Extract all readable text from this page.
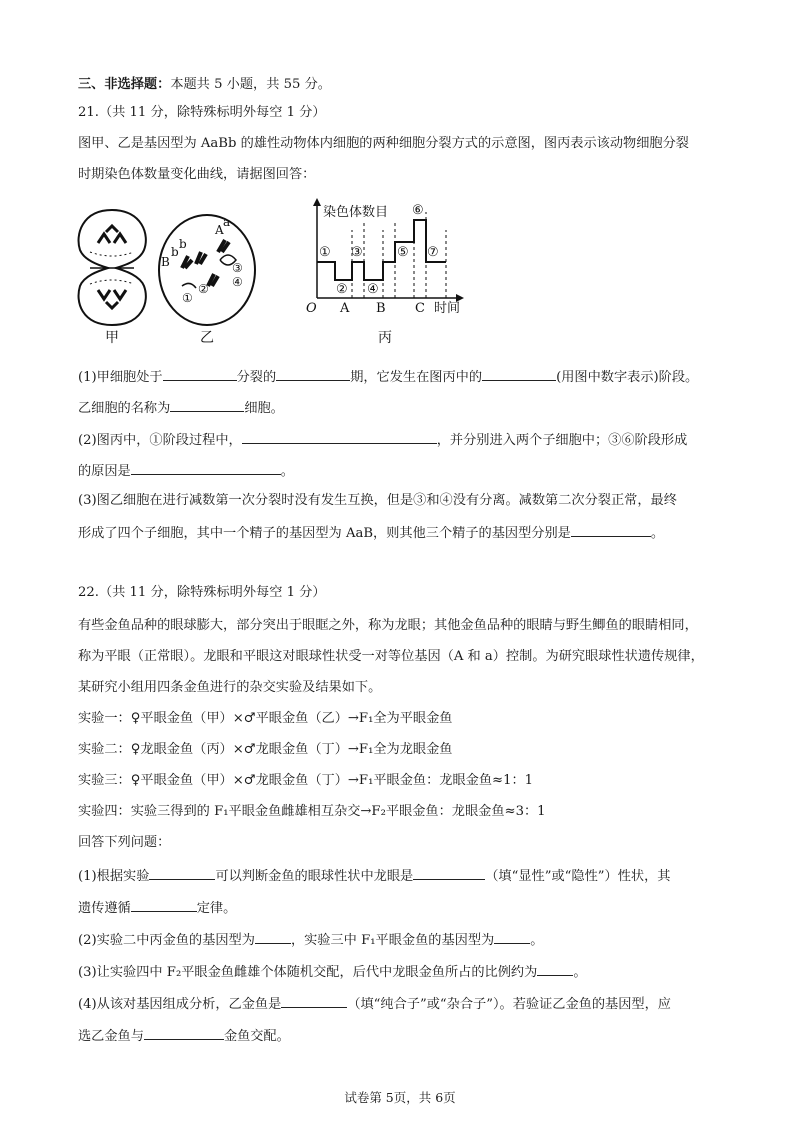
三、非选择题：本题共 5 小题，共 55 分。
21.（共 11 分，除特殊标明外每空 1 分）
图甲、乙是基因型为 AaBb 的雄性动物体内细胞的两种细胞分裂方式的示意图，图丙表示该动物细胞分裂
时期染色体数量变化曲线，请据图回答：
甲
B
b
b
A
a
③
④
②
①
乙
染色体数目
时间
O A B C
①
②
③
④
⑤
⑥
⑦
丙
(1)甲细胞处于	分裂的	期，它发生在图丙中的	(用图中数字表示)阶段。
乙细胞的名称为	细胞。
(2)图丙中，①阶段过程中，	，并分别进入两个子细胞中；③⑥阶段形成
的原因是	。
(3)图乙细胞在进行减数第一次分裂时没有发生互换，但是③和④没有分离。减数第二次分裂正常，最终
形成了四个子细胞，其中一个精子的基因型为 AaB，则其他三个精子的基因型分别是	。
22.（共 11 分，除特殊标明外每空 1 分）
有些金鱼品种的眼球膨大，部分突出于眼眶之外，称为龙眼；其他金鱼品种的眼睛与野生鲫鱼的眼睛相同，
称为平眼（正常眼）。龙眼和平眼这对眼球性状受一对等位基因（A 和 a）控制。为研究眼球性状遗传规律，
某研究小组用四条金鱼进行的杂交实验及结果如下。
实验一：♀平眼金鱼（甲）×♂平眼金鱼（乙）→F₁全为平眼金鱼
实验二：♀龙眼金鱼（丙）×♂龙眼金鱼（丁）→F₁全为龙眼金鱼
实验三：♀平眼金鱼（甲）×♂龙眼金鱼（丁）→F₁平眼金鱼：龙眼金鱼≈1：1
实验四：实验三得到的 F₁平眼金鱼雌雄相互杂交→F₂平眼金鱼：龙眼金鱼≈3：1
回答下列问题：
(1)根据实验	可以判断金鱼的眼球性状中龙眼是	（填“显性”或“隐性”）性状，其
遗传遵循	定律。
(2)实验二中丙金鱼的基因型为	，实验三中 F₁平眼金鱼的基因型为	。
(3)让实验四中 F₂平眼金鱼雌雄个体随机交配，后代中龙眼金鱼所占的比例约为	。
(4)从该对基因组成分析，乙金鱼是	（填“纯合子”或“杂合子”）。若验证乙金鱼的基因型，应
选乙金鱼与	金鱼交配。
试卷第 5页，共 6页
